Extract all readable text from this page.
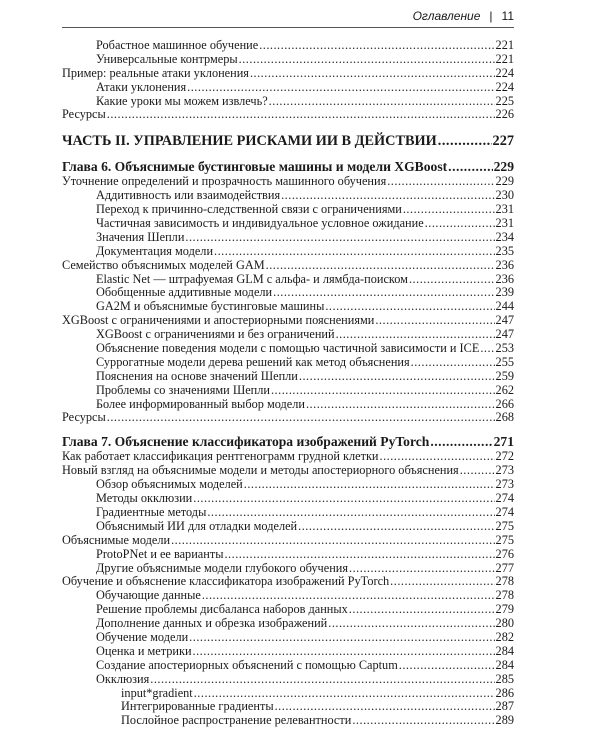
Оглавление | 11
Робастное машинное обучение .....	221
Универсальные контрмеры .....	221
Пример: реальные атаки уклонения .....	224
Атаки уклонения .....	224
Какие уроки мы можем извлечь? .....	225
Ресурсы .....	226
ЧАСТЬ II. УПРАВЛЕНИЕ РИСКАМИ ИИ В ДЕЙСТВИИ .....	227
Глава 6. Объяснимые бустинговые машины и модели XGBoost .....	229
Уточнение определений и прозрачность машинного обучения .....	229
Аддитивность или взаимодействия .....	230
Переход к причинно-следственной связи с ограничениями .....	231
Частичная зависимость и индивидуальное условное ожидание .....	231
Значения Шепли .....	234
Документация модели .....	235
Семейство объяснимых моделей GAM .....	236
Elastic Net — штрафуемая GLM с альфа- и лямбда-поиском .....	236
Обобщенные аддитивные модели .....	239
GA2M и объяснимые бустинговые машины .....	244
XGBoost с ограничениями и апостериорными пояснениями .....	247
XGBoost с ограничениями и без ограничений .....	247
Объяснение поведения модели с помощью частичной зависимости и ICE ..... 253
Суррогатные модели дерева решений как метод объяснения .....	255
Пояснения на основе значений Шепли .....	259
Проблемы со значениями Шепли .....	262
Более информированный выбор модели .....	266
Ресурсы .....	268
Глава 7. Объяснение классификатора изображений PyTorch .....	271
Как работает классификация рентгенограмм грудной клетки .....	272
Новый взгляд на объяснимые модели и методы апостериорного объяснения .....	273
Обзор объяснимых моделей .....	273
Методы окклюзии .....	274
Градиентные методы .....	274
Объяснимый ИИ для отладки моделей .....	275
Объяснимые модели .....	275
ProtoPNet и ее варианты .....	276
Другие объяснимые модели глубокого обучения .....	277
Обучение и объяснение классификатора изображений PyTorch .....	278
Обучающие данные .....	278
Решение проблемы дисбаланса наборов данных .....	279
Дополнение данных и обрезка изображений .....	280
Обучение модели .....	282
Оценка и метрики .....	284
Создание апостериорных объяснений с помощью Captum .....	284
Окклюзия .....	285
input*gradient .....	286
Интегрированные градиенты .....	287
Послойное распространение релевантности .....	289
